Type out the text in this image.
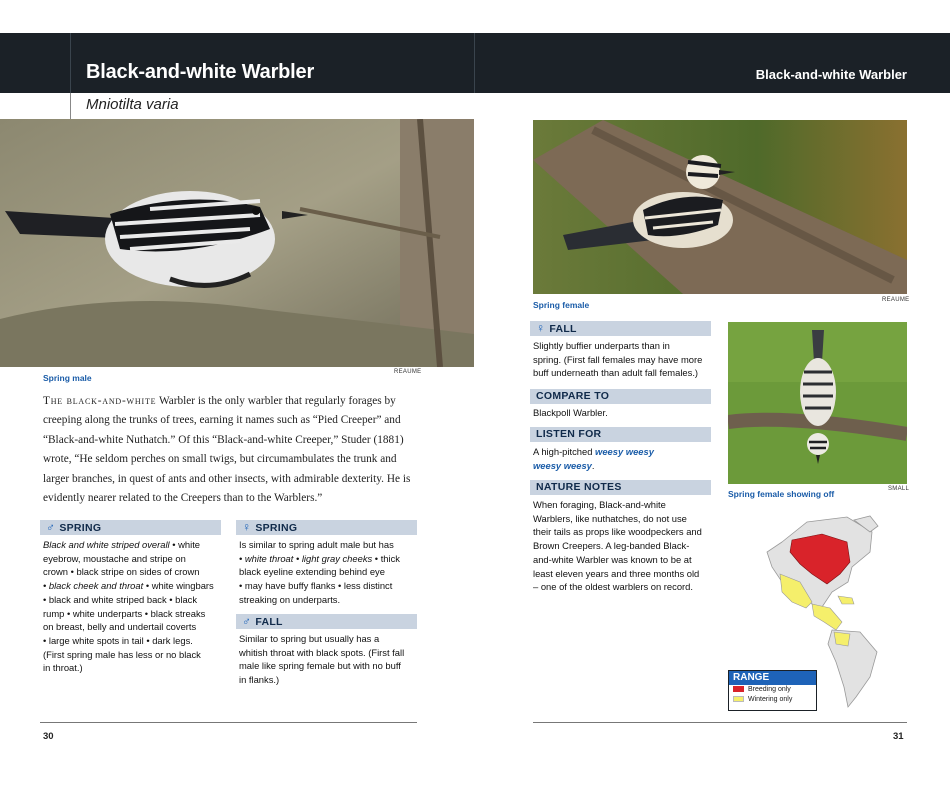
Black-and-white Warbler	Black-and-white Warbler
Mniotilta varia
Spring male
REAUME
The black-and-white Warbler is the only warbler that regularly forages by creeping along the trunks of trees, earning it names such as “Pied Creeper” and “Black-and-white Nuthatch.” Of this “Black-and-white Creeper,” Studer (1881) wrote, “He seldom perches on small twigs, but circumambulates the trunk and larger branches, in quest of ants and other insects, with admirable dexterity. He is evidently nearer related to the Creepers than to the Warblers.”
♂ SPRING
Black and white striped overall • white
eyebrow, moustache and stripe on
crown • black stripe on sides of crown
• black cheek and throat • white wingbars
• black and white striped back • black
rump • white underparts • black streaks
on breast, belly and undertail coverts
• large white spots in tail • dark legs.
(First spring male has less or no black
in throat.)
♀ SPRING
Is similar to spring adult male but has
• white throat • light gray cheeks • thick
black eyeline extending behind eye
• may have buffy flanks • less distinct
streaking on underparts.
♂ FALL
Similar to spring but usually has a
whitish throat with black spots. (First fall
male like spring female but with no buff
in flanks.)
30
Spring female	REAUME
♀ FALL
Slightly buffier underparts than in
spring. (First fall females may have more
buff underneath than adult fall females.)
COMPARE TO
Blackpoll Warbler.
LISTEN FOR
A high-pitched weesy weesy
weesy weesy.
NATURE NOTES
When foraging, Black-and-white
Warblers, like nuthatches, do not use
their tails as props like woodpeckers and
Brown Creepers. A leg-banded Black-
and-white Warbler was known to be at
least eleven years and three months old
– one of the oldest warblers on record.
Spring female showing off	SMALL
RANGE
Breeding only
Wintering only
31
